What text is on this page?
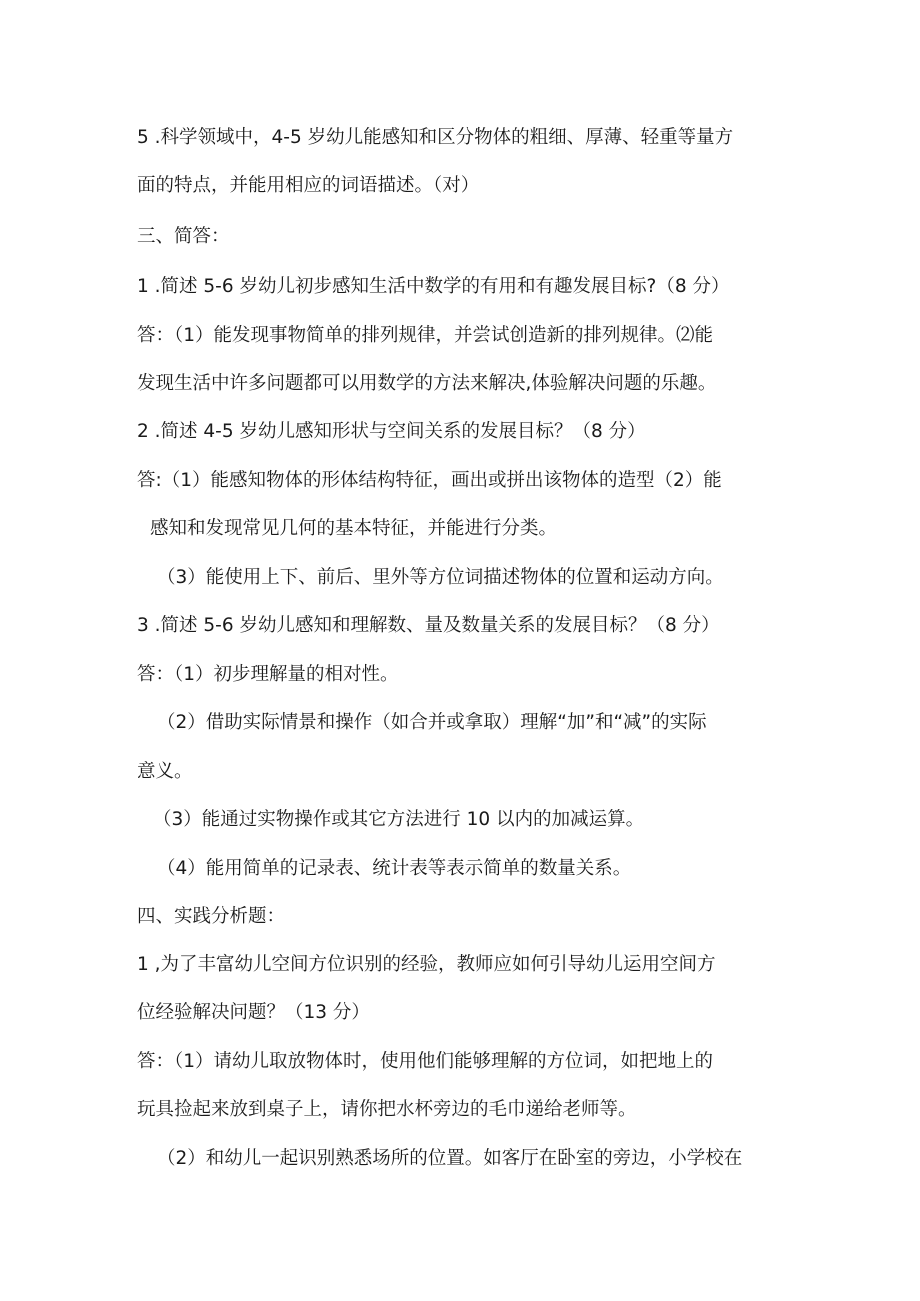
5 .科学领域中，4-5 岁幼儿能感知和区分物体的粗细、厚薄、轻重等量方
面的特点，并能用相应的词语描述。（对）
三、简答：
1 .简述 5-6 岁幼儿初步感知生活中数学的有用和有趣发展目标?（8 分）
答：（1）能发现事物简单的排列规律，并尝试创造新的排列规律。⑵能
发现生活中许多问题都可以用数学的方法来解决,体验解决问题的乐趣。
2 .简述 4-5 岁幼儿感知形状与空间关系的发展目标？（8 分）
答:（1）能感知物体的形体结构特征，画出或拼出该物体的造型（2）能
感知和发现常见几何的基本特征，并能进行分类。
（3）能使用上下、前后、里外等方位词描述物体的位置和运动方向。
3 .简述 5-6 岁幼儿感知和理解数、量及数量关系的发展目标？（8 分）
答：（1）初步理解量的相对性。
（2）借助实际情景和操作（如合并或拿取）理解“加”和“减”的实际
意义。
（3）能通过实物操作或其它方法进行 10 以内的加减运算。
（4）能用简单的记录表、统计表等表示简单的数量关系。
四、实践分析题：
1 ,为了丰富幼儿空间方位识别的经验，教师应如何引导幼儿运用空间方
位经验解决问题？（13 分）
答：（1）请幼儿取放物体时，使用他们能够理解的方位词，如把地上的
玩具捡起来放到桌子上，请你把水杯旁边的毛巾递给老师等。
（2）和幼儿一起识别熟悉场所的位置。如客厅在卧室的旁边，小学校在
